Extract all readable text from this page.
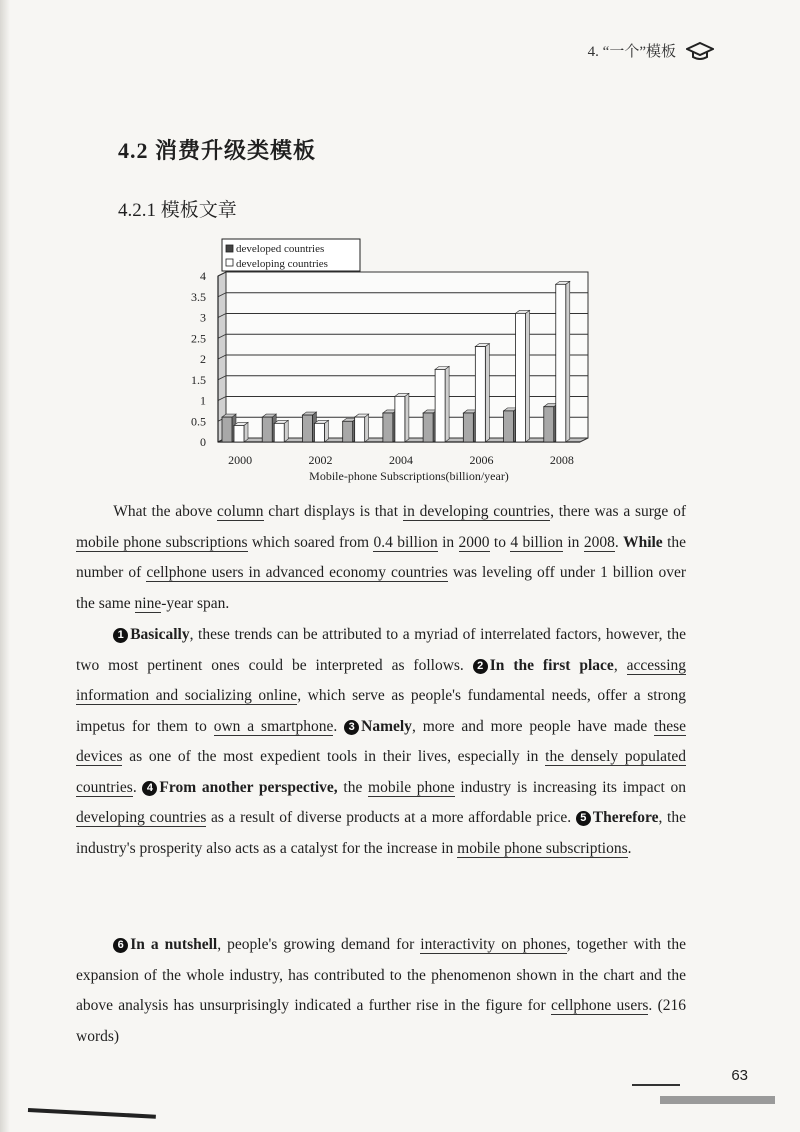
4. “一个”模板
4.2 消费升级类模板
4.2.1 模板文章
0
0.5
1
1.5
2
2.5
3
3.5
4
2000	2002	2004	2006	2008
Mobile-phone Subscriptions(billion/year)
developed countries
developing countries

What the above column chart displays is that in developing countries, there was a surge of mobile phone subscriptions which soared from 0.4 billion in 2000 to 4 billion in 2008. While the number of cellphone users in advanced economy countries was leveling off under 1 billion over the same nine-year span.

1 Basically, these trends can be attributed to a myriad of interrelated factors, however, the two most pertinent ones could be interpreted as follows. 2 In the first place, accessing information and socializing online, which serve as people's fundamental needs, offer a strong impetus for them to own a smartphone. 3 Namely, more and more people have made these devices as one of the most expedient tools in their lives, especially in the densely populated countries. 4 From another perspective, the mobile phone industry is increasing its impact on developing countries as a result of diverse products at a more affordable price. 5 Therefore, the industry's prosperity also acts as a catalyst for the increase in mobile phone subscriptions.

6 In a nutshell, people's growing demand for interactivity on phones, together with the expansion of the whole industry, has contributed to the phenomenon shown in the chart and the above analysis has unsurprisingly indicated a further rise in the figure for cellphone users. (216 words)

63
